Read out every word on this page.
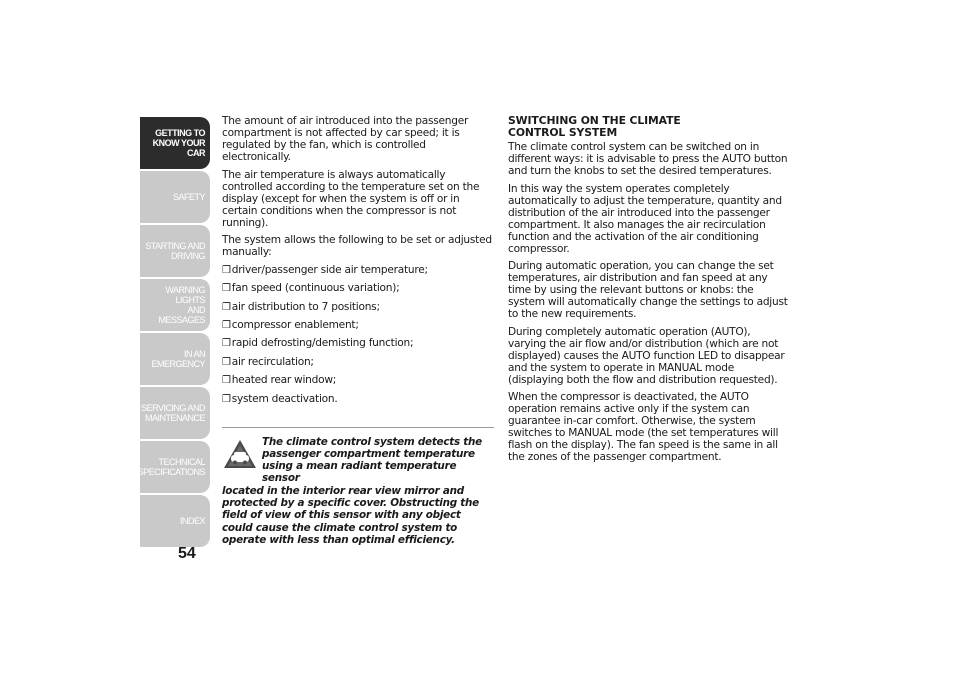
GETTING TO
KNOW YOUR CAR
SAFETY
STARTING AND
DRIVING
WARNING LIGHTS
AND MESSAGES
IN AN EMERGENCY
SERVICING AND
MAINTENANCE
TECHNICAL
SPECIFICATIONS
INDEX
54

The amount of air introduced into the passenger compartment is not affected by car speed; it is regulated by the fan, which is controlled electronically.

The air temperature is always automatically controlled according to the temperature set on the display (except for when the system is off or in certain conditions when the compressor is not running).

The system allows the following to be set or adjusted manually:

❒driver/passenger side air temperature;
❒fan speed (continuous variation);
❒air distribution to 7 positions;
❒compressor enablement;
❒rapid defrosting/demisting function;
❒air recirculation;
❒heated rear window;
❒system deactivation.
The climate control system detects the passenger compartment temperature using a mean radiant temperature sensor
located in the interior rear view mirror and protected by a specific cover. Obstructing the field of view of this sensor with any object could cause the climate control system to operate with less than optimal efficiency.
SWITCHING ON THE CLIMATE
CONTROL SYSTEM

The climate control system can be switched on in different ways: it is advisable to press the AUTO button and turn the knobs to set the desired temperatures.

In this way the system operates completely automatically to adjust the temperature, quantity and distribution of the air introduced into the passenger compartment. It also manages the air recirculation function and the activation of the air conditioning compressor.

During automatic operation, you can change the set temperatures, air distribution and fan speed at any time by using the relevant buttons or knobs: the system will automatically change the settings to adjust to the new requirements.

During completely automatic operation (AUTO), varying the air flow and/or distribution (which are not displayed) causes the AUTO function LED to disappear and the system to operate in MANUAL mode (displaying both the flow and distribution requested).

When the compressor is deactivated, the AUTO operation remains active only if the system can guarantee in-car comfort. Otherwise, the system switches to MANUAL mode (the set temperatures will flash on the display). The fan speed is the same in all the zones of the passenger compartment.
